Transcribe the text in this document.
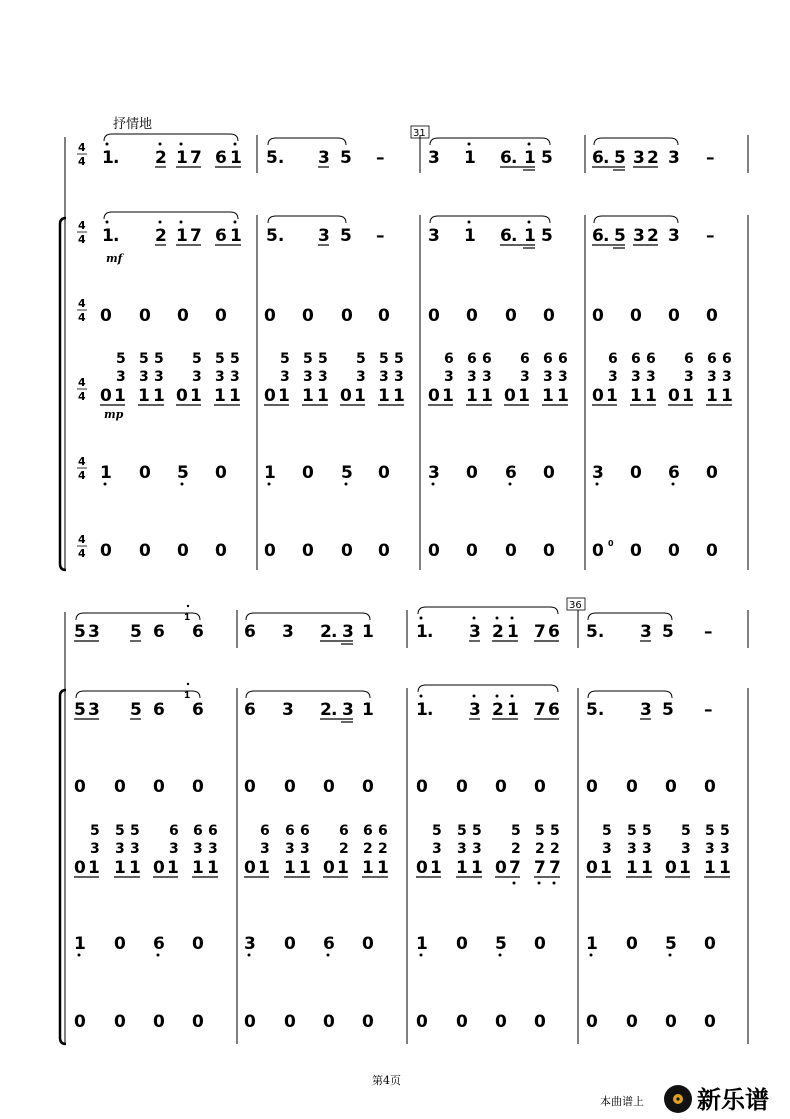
抒情地
4
4
4
4
4
4
4
4
4
4
4
4
31
1 . 2 1 7 6 1 5. 3 5 –	3 1 6 . 1 5 6 . 5 3 2 3 –
1 . 2 1 7 6 1
mf
5. 3 5 –	3 1 6 . 1 5 6 . 5 3 2 3 –
0 0 0 0 0 0 0 0 0 0 0 0 0 0 0 0
0 1
3
5
1 1
3
5
3
5
0 1
3
5
1 1
3
5
3
5
mp
0 1
3
5
1 1
3
5
3
5
0 1
3
5
1 1
3
5
3
5
0 1
3
6
1 1
3
6
3
6
0 1
3
6
1 1
3
6
3
6
0 1
3
6
1 1
3
6
3
6
0 1
3
6
1 1
3
6
3
6
1 0 5 0 1 0 5 0 3 0 6 0 3 0 6 0
0 0 0 0 0 0 0 0 0 0 0 0 0 0 0 0 0
36
5 3 5 6
1
6 6 3 2 . 3 1 1 . 3 2 1 7 6 5. 3 5 –
5 3 5 6
1
6 6 3 2 . 3 1 1 . 3 2 1 7 6 5. 3 5 –
0 0 0 0 0 0 0 0 0 0 0 0 0 0 0 0
0 1
3
5
1 1
3
5
3
5
0 1
3
6
1 1
3
6
3
6
0 1
3
6
1 1
3
6
3
6
0 1
2
6
1 1
2
6
2
6
0 1
3
5
1 1
3
5
3
5
0 7
2
5
7 7
2
5
2
5
0 1
3
5
1 1
3
5
3
5
0 1
3
5
1 1
3
5
3
5
1 0 6 0 3 0 6 0 1 0 5 0 1 0 5 0
0 0 0 0 0 0 0 0 0 0 0 0 0 0 0 0
第4页
本曲谱上 新乐谱
